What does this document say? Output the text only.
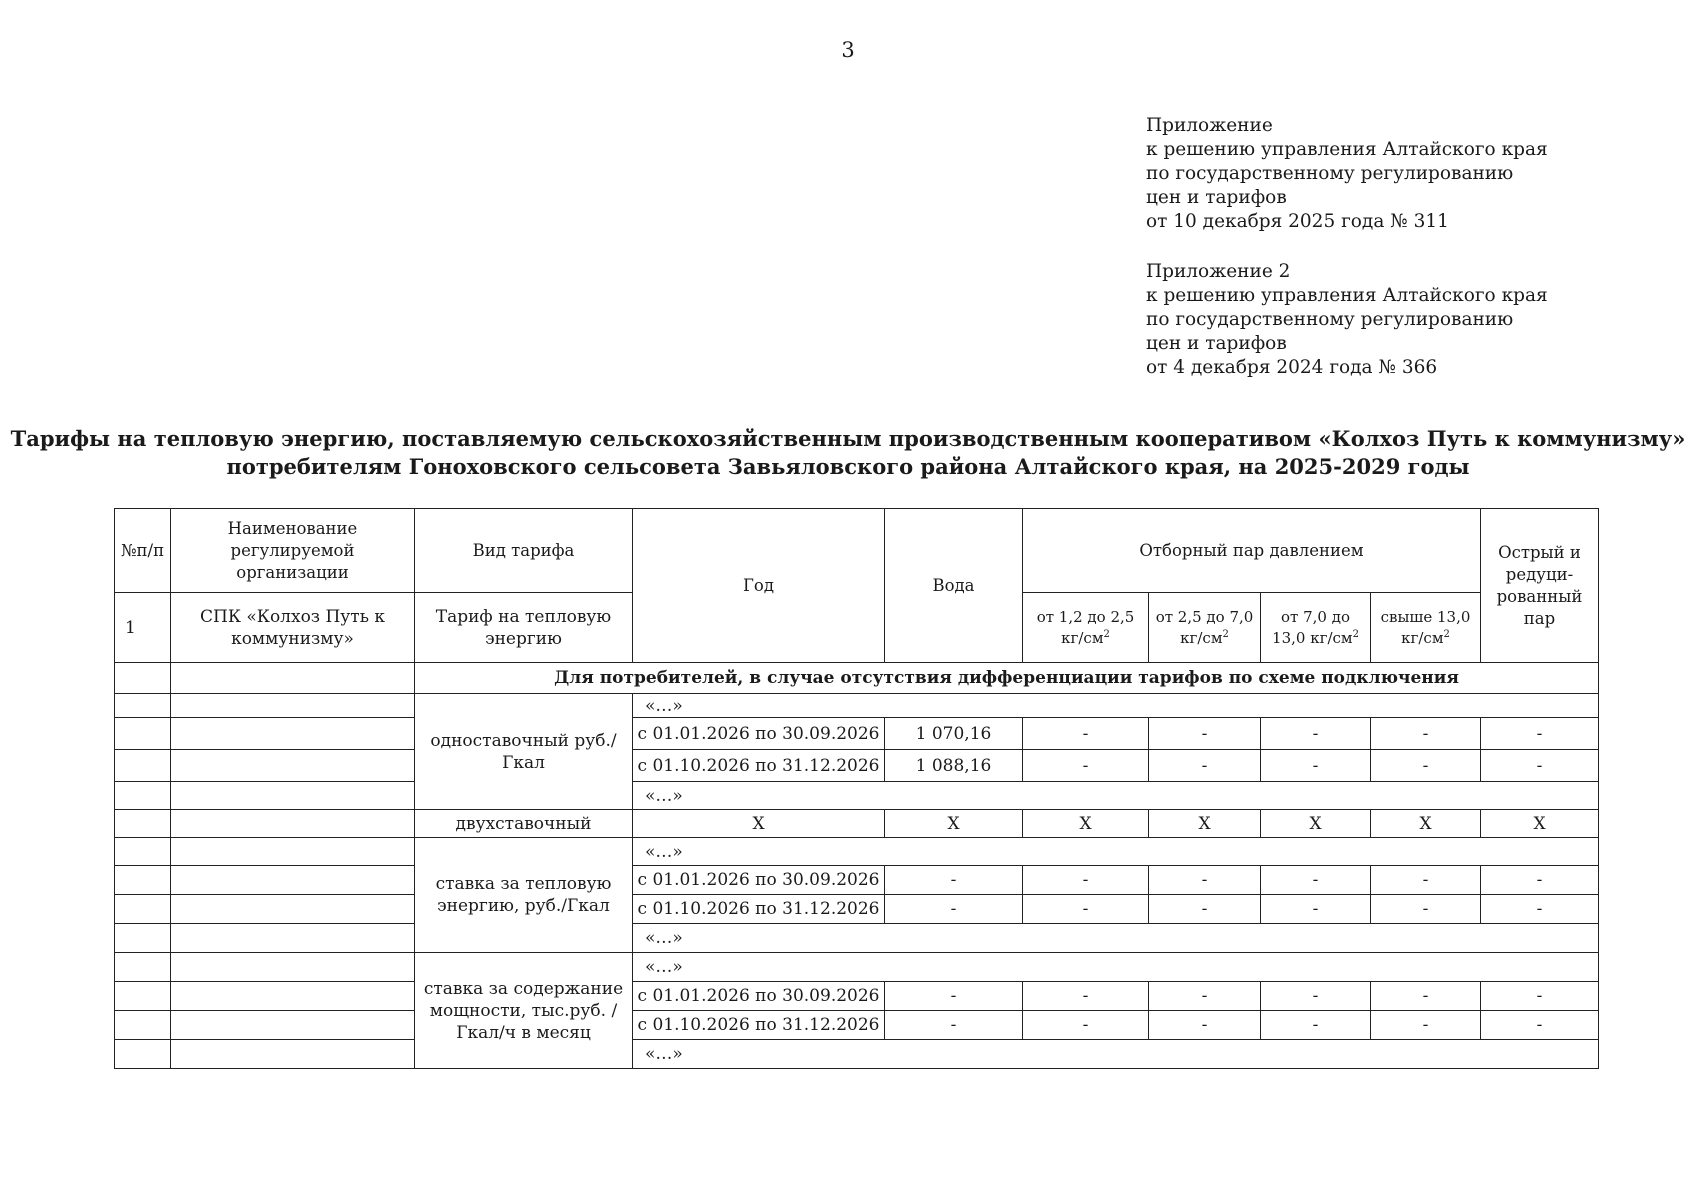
3
Приложение
к решению управления Алтайского края
по государственному регулированию
цен и тарифов
от 10 декабря 2025 года № 311
Приложение 2
к решению управления Алтайского края
по государственному регулированию
цен и тарифов
от 4 декабря 2024 года № 366
Тарифы на тепловую энергию, поставляемую сельскохозяйственным производственным кооперативом «Колхоз Путь к коммунизму»
потребителям Гоноховского сельсовета Завьяловского района Алтайского края, на 2025-2029 годы
№п/п	Наименование регулируемой организации	Вид тарифа	Год	Вода	Отборный пар давлением				Острый и редуци-рованный пар
1	СПК «Колхоз Путь к коммунизму»	Тариф на тепловую энергию			от 1,2 до 2,5 $кг/см^2$	от 2,5 до 7,0 $кг/см^2$	от 7,0 до 13,0 $кг/см^2$	свыше 13,0 $кг/см^2$
		Для потребителей, в случае отсутствия дифференциации тарифов по схеме подключения							
		одноставочный руб./Гкал	«…»						
			с 01.01.2026 по 30.09.2026	1 070,16	-	-	-	-	-
			с 01.10.2026 по 31.12.2026	1 088,16	-	-	-	-	-
			«…»						
		двухставочный	Х	Х	Х	Х	Х	Х	Х
		ставка за тепловую энергию, руб./Гкал	«…»						
			с 01.01.2026 по 30.09.2026	-	-	-	-	-	-
			с 01.10.2026 по 31.12.2026	-	-	-	-	-	-
			«…»						
		ставка за содержание мощности, тыс.руб. /Гкал/ч в месяц	«…»						
			с 01.01.2026 по 30.09.2026	-	-	-	-	-	-
			с 01.10.2026 по 31.12.2026	-	-	-	-	-	-
			«…»						
